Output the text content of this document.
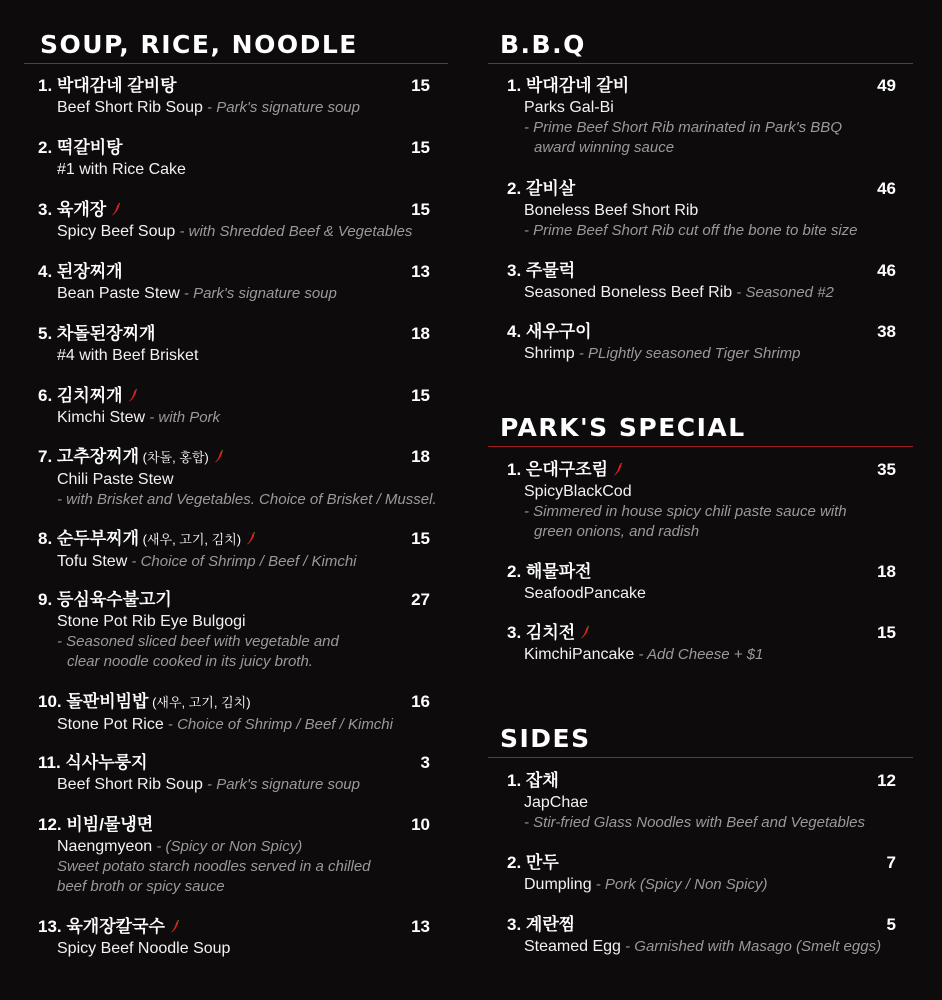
SOUP, RICE, NOODLE
1. 박대감네 갈비탕	15
Beef Short Rib Soup - Park's signature soup
2. 떡갈비탕	15
#1 with Rice Cake
3. 육개장	15
Spicy Beef Soup - with Shredded Beef & Vegetables
4. 된장찌개	13
Bean Paste Stew - Park's signature soup
5. 차돌된장찌개	18
#4 with Beef Brisket
6. 김치찌개	15
Kimchi Stew - with Pork
7. 고추장찌개 (차돌, 홍합)	18
Chili Paste Stew
- with Brisket and Vegetables. Choice of Brisket / Mussel.
8. 순두부찌개 (새우, 고기, 김치)	15
Tofu Stew - Choice of Shrimp / Beef / Kimchi
9. 등심육수불고기	27
Stone Pot Rib Eye Bulgogi
- Seasoned sliced beef with vegetable and
clear noodle cooked in its juicy broth.
10. 돌판비빔밥 (새우, 고기, 김치)	16
Stone Pot Rice - Choice of Shrimp / Beef / Kimchi
11. 식사누룽지	3
Beef Short Rib Soup - Park's signature soup
12. 비빔/물냉면	10
Naengmyeon - (Spicy or Non Spicy)
Sweet potato starch noodles served in a chilled
beef broth or spicy sauce
13. 육개장칼국수	13
Spicy Beef Noodle Soup
B.B.Q
1. 박대감네 갈비	49
Parks Gal-Bi
- Prime Beef Short Rib marinated in Park's BBQ
award winning sauce
2. 갈비살	46
Boneless Beef Short Rib
- Prime Beef Short Rib cut off the bone to bite size
3. 주물럭	46
Seasoned Boneless Beef Rib - Seasoned #2
4. 새우구이	38
Shrimp - PLightly seasoned Tiger Shrimp
PARK'S SPECIAL
1. 은대구조림	35
SpicyBlackCod
- Simmered in house spicy chili paste sauce with
green onions, and radish
2. 해물파전	18
SeafoodPancake
3. 김치전	15
KimchiPancake - Add Cheese + $1
SIDES
1. 잡채	12
JapChae
- Stir-fried Glass Noodles with Beef and Vegetables
2. 만두	7
Dumpling - Pork (Spicy / Non Spicy)
3. 계란찜	5
Steamed Egg - Garnished with Masago (Smelt eggs)
